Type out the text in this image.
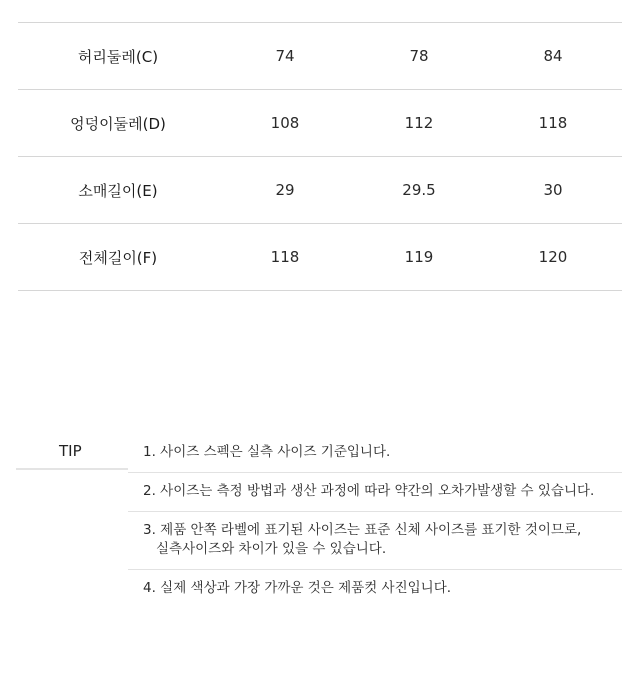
허리둘레(C)	74	78	84
엉덩이둘레(D)	108	112	118
소매길이(E)	29	29.5	30
전체길이(F)	118	119	120
TIP	1. 사이즈 스펙은 실측 사이즈 기준입니다.
2. 사이즈는 측정 방법과 생산 과정에 따라 약간의 오차가발생할 수 있습니다.
3. 제품 안쪽 라벨에 표기된 사이즈는 표준 신체 사이즈를 표기한 것이므로,
실측사이즈와 차이가 있을 수 있습니다.
4. 실제 색상과 가장 가까운 것은 제품컷 사진입니다.
